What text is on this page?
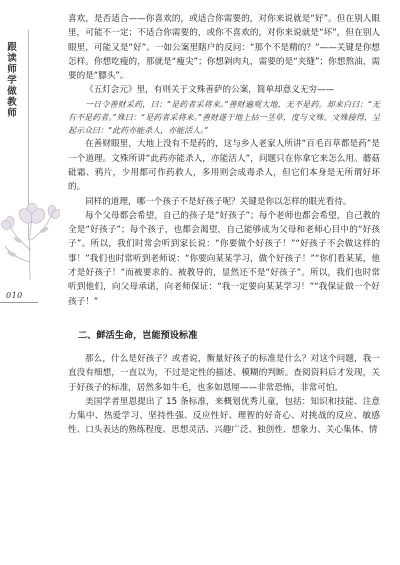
跟读师学做教师
010

喜欢，是否适合——你喜欢的，或适合你需要的，对你来说就是“好”。但在别人眼里，可能不一定；不适合你需要的，或你不喜欢的，对你来说就是“坏”，但在别人眼里，可能又是“好”。一如公案里瞎户的反问：“那个不是精的？”——关键是你想怎样。你想吃瘦的，那就是“瘦尖”；你想剁肉丸，需要的是“夹缝”；你想熬油，需要的是“膘头”。

《五灯会元》里，有则关于文殊善萨的公案，简单却意义无穷——

一日令善财采药，曰：“是药者采将来。”善财遍观大地，无不是药。却来白曰：“无有不是药者。”殊曰：“是药者采将来。”善财遂于地上拈一茎草，度与文殊。文殊接得，呈起示众曰：“此药亦能杀人，亦能活人。”

在善财眼里，大地上没有不是药的，这与乡人老家人所讲“百毛百草都是药”是一个道理。文殊所讲“此药亦能杀人，亦能活人”，问题只在你拿它来怎么用。蘑菇砒霜、鸦片，少用都可作药救人，多用则会成毒杀人，但它们本身是无所谓好坏的。

同样的道理，哪一个孩子不是好孩子呢？关键是你以怎样的眼光看待。

每个父母都会希望，自己的孩子是“好孩子”；每个老师也都会希望，自己教的全是“好孩子”；每个孩子，也都会渴望，自己能够成为父母和老师心目中的“好孩子”。所以，我们时常会听到家长说：“你要做个好孩子！”“好孩子不会做这样的事！”我们也时常听到老师说：“你要向某某学习，做个好孩子！”“你们看某某，他才是好孩子！”而被要求的、被教导的，显然还不是“好孩子”。所以，我们也时常听到他们，向父母承诺，向老师保证：“我一定要向某某学习！”“我保证做一个好孩子！”

二、鲜活生命，岂能预设标准

那么，什么是好孩子？或者说，衡量好孩子的标准是什么？对这个问题，我一直没有细想，一直以为，不过是定性的描述、模糊的判断。查阅资料后才发现，关于好孩子的标准，居然多如牛毛，也多如恩厘——非常恐怖，非常可怕。

美国学者里恩提出了 15 条标准，来概划优秀儿童，包括：知识和技能、注意力集中、热爱学习、坚持性强、反应性好、理智的好奇心、对挑战的反应、敏感性、口头表达的熟练程度、思想灵活、兴趣广泛、独创性、想象力、关心集体、情
